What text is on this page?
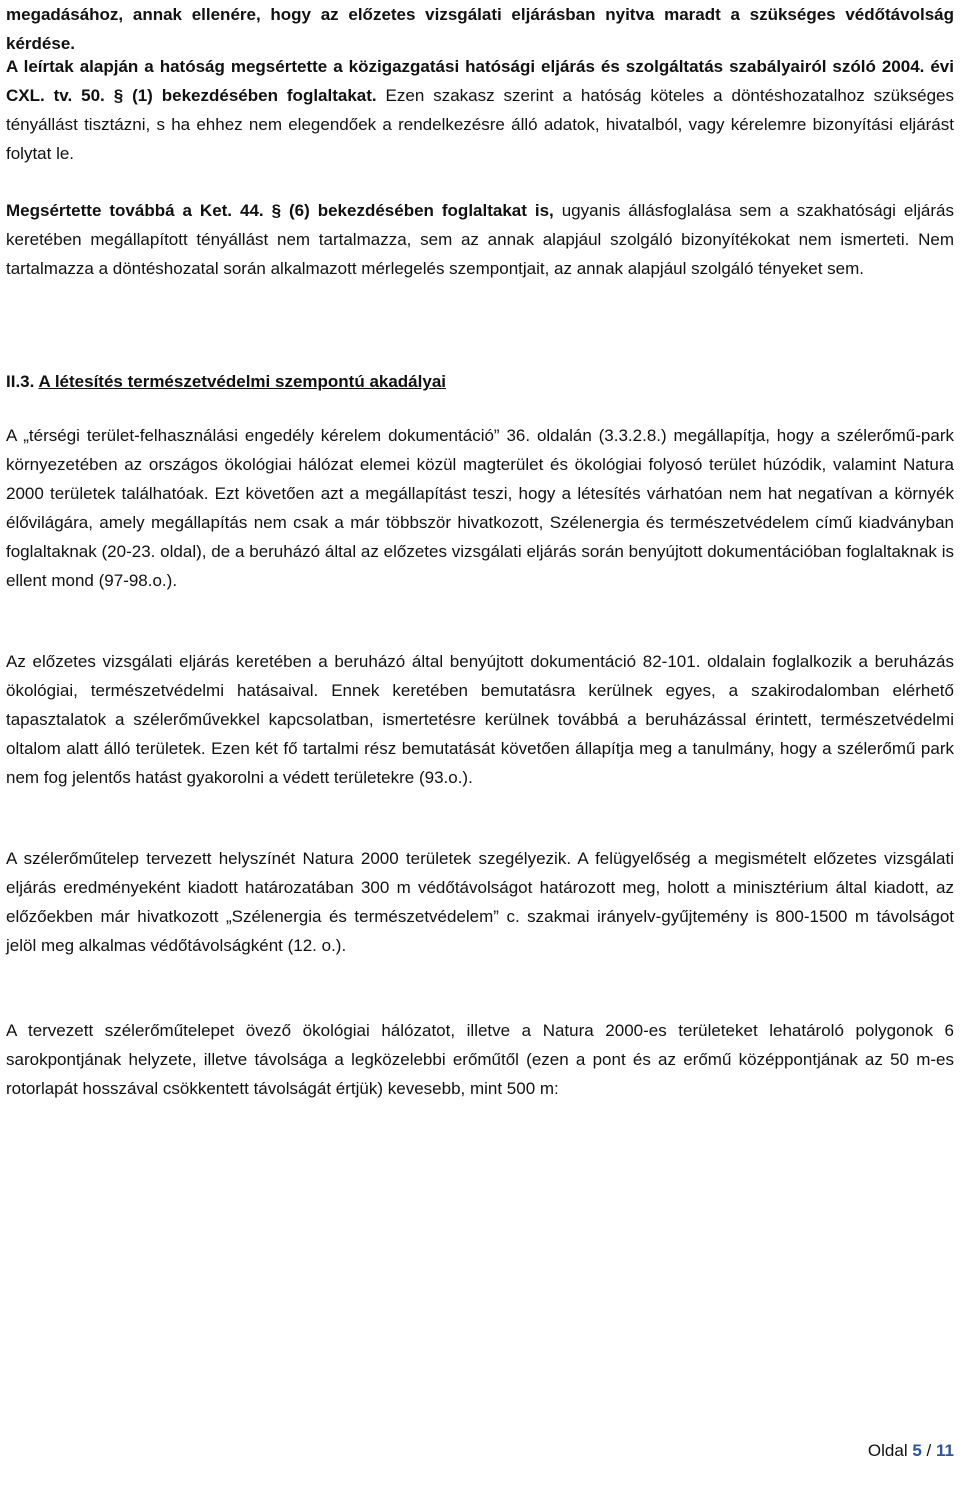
megadásához, annak ellenére, hogy az előzetes vizsgálati eljárásban nyitva maradt a szükséges védőtávolság kérdése.

A leírtak alapján a hatóság megsértette a közigazgatási hatósági eljárás és szolgáltatás szabályairól szóló 2004. évi CXL. tv. 50. § (1) bekezdésében foglaltakat. Ezen szakasz szerint a hatóság köteles a döntéshozatalhoz szükséges tényállást tisztázni, s ha ehhez nem elegendőek a rendelkezésre álló adatok, hivatalból, vagy kérelemre bizonyítási eljárást folytat le.

Megsértette továbbá a Ket. 44. § (6) bekezdésében foglaltakat is, ugyanis állásfoglalása sem a szakhatósági eljárás keretében megállapított tényállást nem tartalmazza, sem az annak alapjául szolgáló bizonyítékokat nem ismerteti. Nem tartalmazza a döntéshozatal során alkalmazott mérlegelés szempontjait, az annak alapjául szolgáló tényeket sem.

II.3. A létesítés természetvédelmi szempontú akadályai

A „térségi terület-felhasználási engedély kérelem dokumentáció” 36. oldalán (3.3.2.8.) megállapítja, hogy a szélerőmű-park környezetében az országos ökológiai hálózat elemei közül magterület és ökológiai folyosó terület húzódik, valamint Natura 2000 területek találhatóak. Ezt követően azt a megállapítást teszi, hogy a létesítés várhatóan nem hat negatívan a környék élővilágára, amely megállapítás nem csak a már többször hivatkozott, Szélenergia és természetvédelem című kiadványban foglaltaknak (20-23. oldal), de a beruházó által az előzetes vizsgálati eljárás során benyújtott dokumentációban foglaltaknak is ellent mond (97-98.o.).

Az előzetes vizsgálati eljárás keretében a beruházó által benyújtott dokumentáció 82-101. oldalain foglalkozik a beruházás ökológiai, természetvédelmi hatásaival. Ennek keretében bemutatásra kerülnek egyes, a szakirodalomban elérhető tapasztalatok a szélerőművekkel kapcsolatban, ismertetésre kerülnek továbbá a beruházással érintett, természetvédelmi oltalom alatt álló területek. Ezen két fő tartalmi rész bemutatását követően állapítja meg a tanulmány, hogy a szélerőmű park nem fog jelentős hatást gyakorolni a védett területekre (93.o.).

A szélerőműtelep tervezett helyszínét Natura 2000 területek szegélyezik. A felügyelőség a megismételt előzetes vizsgálati eljárás eredményeként kiadott határozatában 300 m védőtávolságot határozott meg, holott a minisztérium által kiadott, az előzőekben már hivatkozott „Szélenergia és természetvédelem” c. szakmai irányelv-gyűjtemény is 800-1500 m távolságot jelöl meg alkalmas védőtávolságként (12. o.).

A tervezett szélerőműtelepet övező ökológiai hálózatot, illetve a Natura 2000-es területeket lehatároló polygonok 6 sarokpontjának helyzete, illetve távolsága a legközelebbi erőműtől (ezen a pont és az erőmű középpontjának az 50 m-es rotorlapát hosszával csökkentett távolságát értjük) kevesebb, mint 500 m:

Oldal 5 / 11
